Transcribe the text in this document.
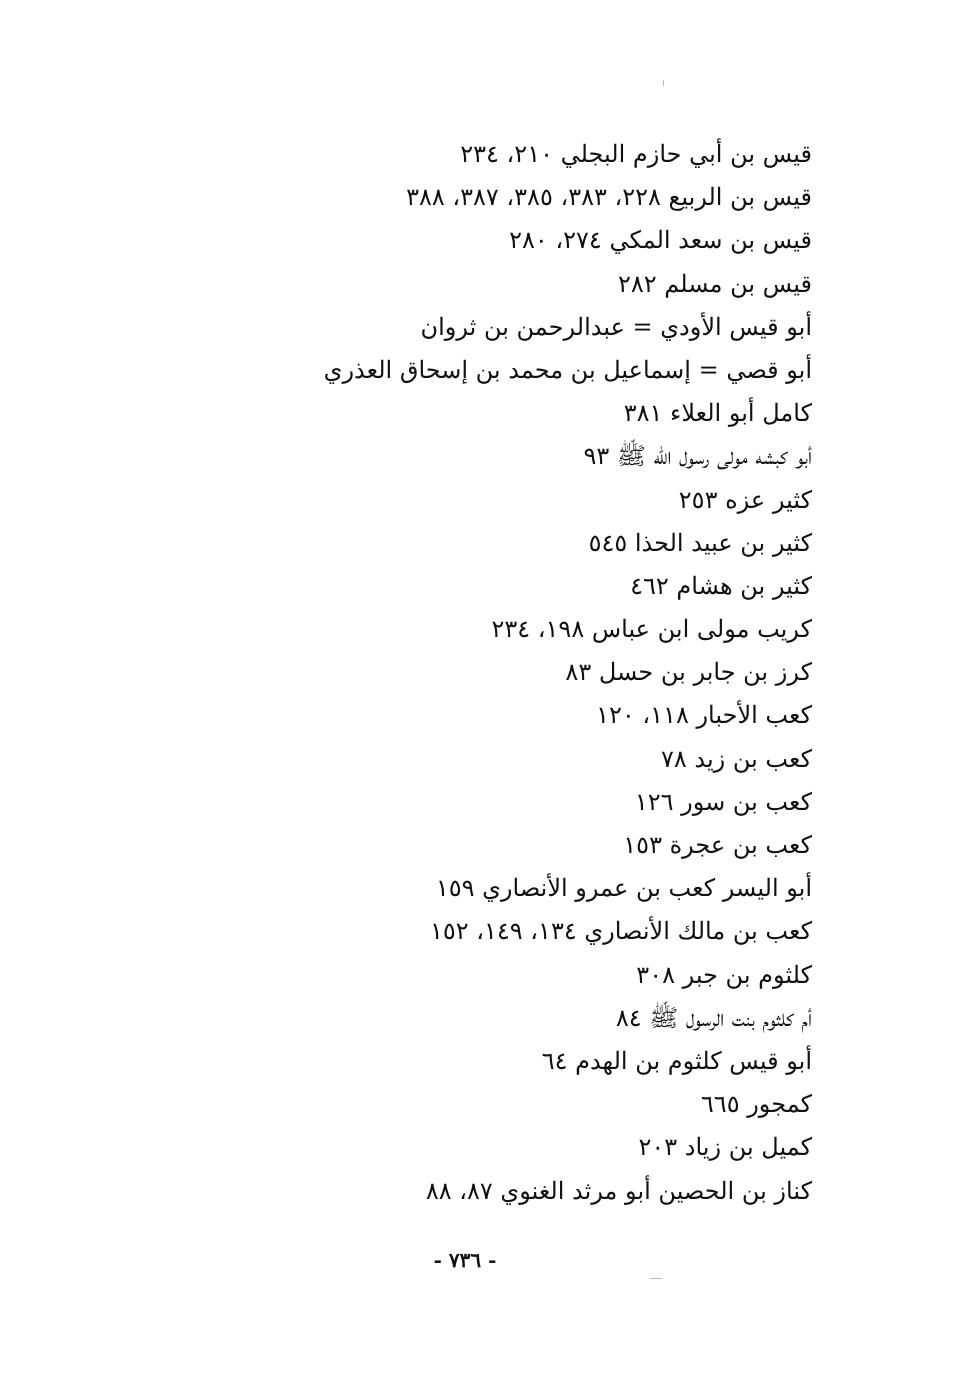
قيس بن أبي حازم البجلي ٢١٠، ٢٣٤
قيس بن الربيع ٢٢٨، ٣٨٣، ٣٨٥، ٣٨٧، ٣٨٨
قيس بن سعد المكي ٢٧٤، ٢٨٠
قيس بن مسلم ٢٨٢
أبو قيس الأودي = عبدالرحمن بن ثروان
أبو قصي = إسماعيل بن محمد بن إسحاق العذري
كامل أبو العلاء ٣٨١
أبو كبشه مولى رسول الله ﷺ ٩٣
كثير عزه ٢٥٣
كثير بن عبيد الحذا ٥٤٥
كثير بن هشام ٤٦٢
كريب مولى ابن عباس ١٩٨، ٢٣٤
كرز بن جابر بن حسل ٨٣
كعب الأحبار ١١٨، ١٢٠
كعب بن زيد ٧٨
كعب بن سور ١٢٦
كعب بن عجرة ١٥٣
أبو اليسر كعب بن عمرو الأنصاري ١٥٩
كعب بن مالك الأنصاري ١٣٤، ١٤٩، ١٥٢
كلثوم بن جبر ٣٠٨
أم كلثوم بنت الرسول ﷺ ٨٤
أبو قيس كلثوم بن الهدم ٦٤
كمجور ٦٦٥
كميل بن زياد ٢٠٣
كناز بن الحصين أبو مرثد الغنوي ٨٧، ٨٨
- ٧٣٦ -
